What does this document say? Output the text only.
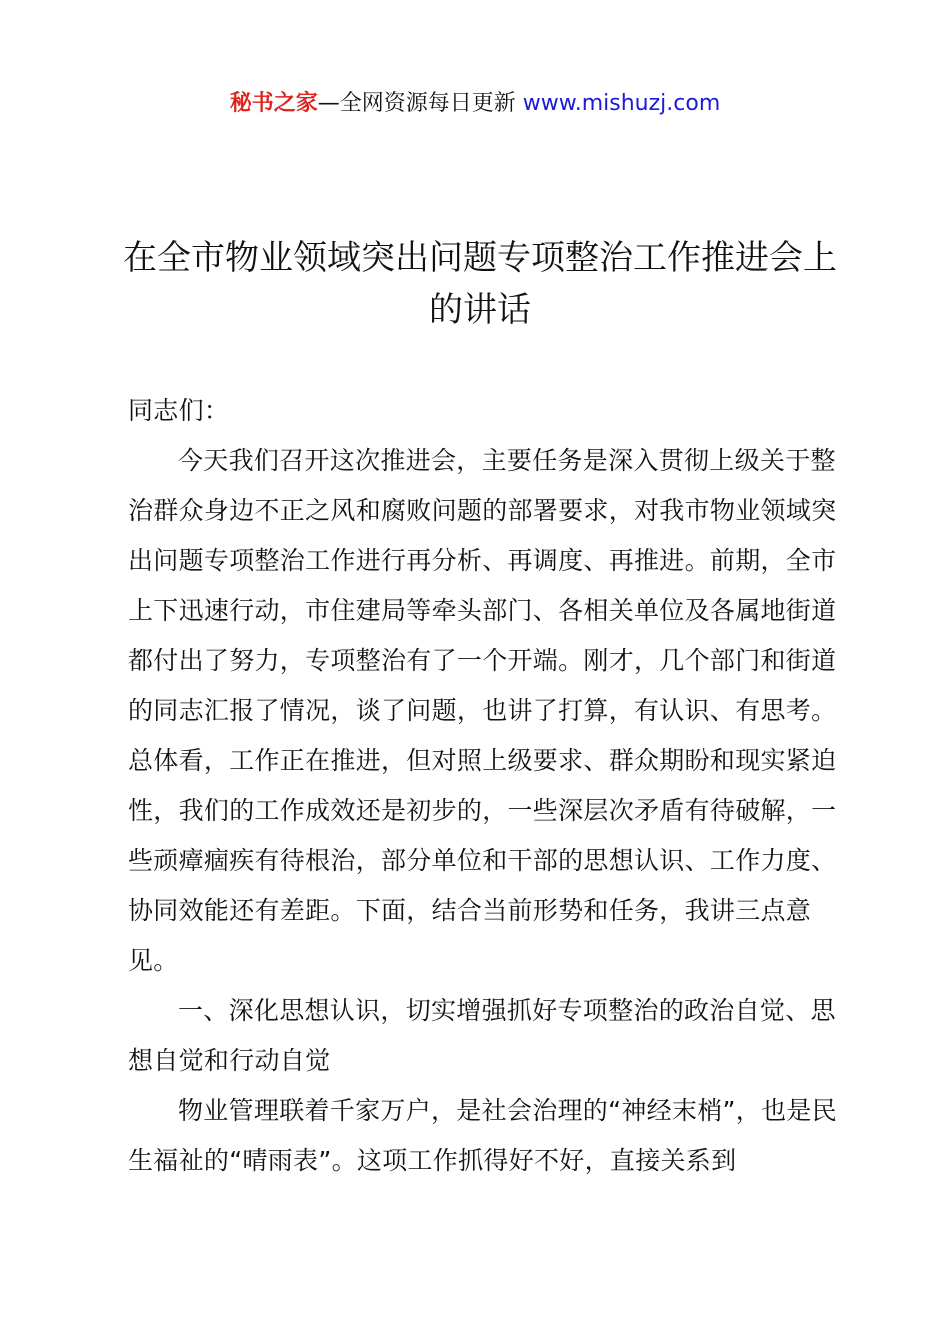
秘书之家—全网资源每日更新 www.mishuzj.com
在全市物业领域突出问题专项整治工作推进会上的讲话

同志们：

今天我们召开这次推进会，主要任务是深入贯彻上级关于整治群众身边不正之风和腐败问题的部署要求，对我市物业领域突出问题专项整治工作进行再分析、再调度、再推进。前期，全市上下迅速行动，市住建局等牵头部门、各相关单位及各属地街道都付出了努力，专项整治有了一个开端。刚才，几个部门和街道的同志汇报了情况，谈了问题，也讲了打算，有认识、有思考。总体看，工作正在推进，但对照上级要求、群众期盼和现实紧迫性，我们的工作成效还是初步的，一些深层次矛盾有待破解，一些顽瘴痼疾有待根治，部分单位和干部的思想认识、工作力度、协同效能还有差距。下面，结合当前形势和任务，我讲三点意见。

一、深化思想认识，切实增强抓好专项整治的政治自觉、思想自觉和行动自觉

物业管理联着千家万户，是社会治理的“神经末梢”，也是民生福祉的“晴雨表”。这项工作抓得好不好，直接关系到
